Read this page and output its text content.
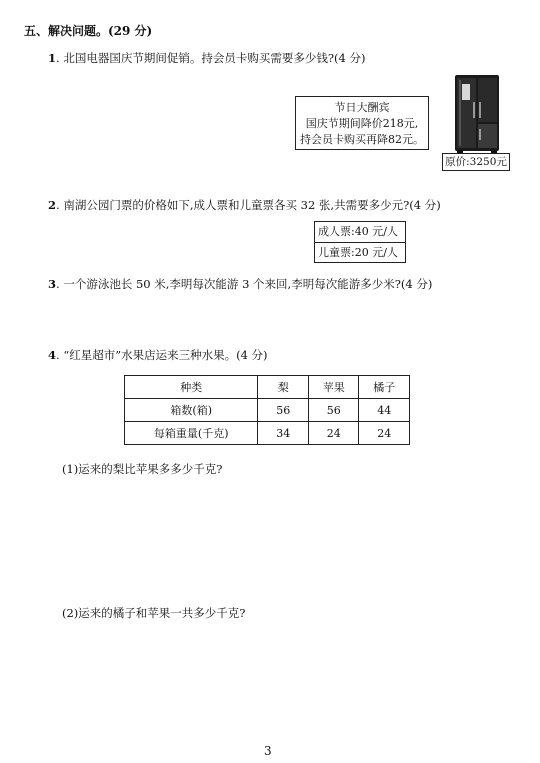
五、解决问题。(29 分)
1. 北国电器国庆节期间促销。持会员卡购买需要多少钱?(4 分)
节日大酬宾
国庆节期间降价218元,
持会员卡购买再降82元。
原价:3250元
2. 南湖公园门票的价格如下,成人票和儿童票各买 32 张,共需要多少元?(4 分)
成人票:40 元/人
儿童票:20 元/人
3. 一个游泳池长 50 米,李明每次能游 3 个来回,李明每次能游多少米?(4 分)
4. “红星超市”水果店运来三种水果。(4 分)
种类	梨	苹果	橘子
箱数(箱)	56	56	44
每箱重量(千克)	34	24	24
(1)运来的梨比苹果多多少千克?
(2)运来的橘子和苹果一共多少千克?
3
